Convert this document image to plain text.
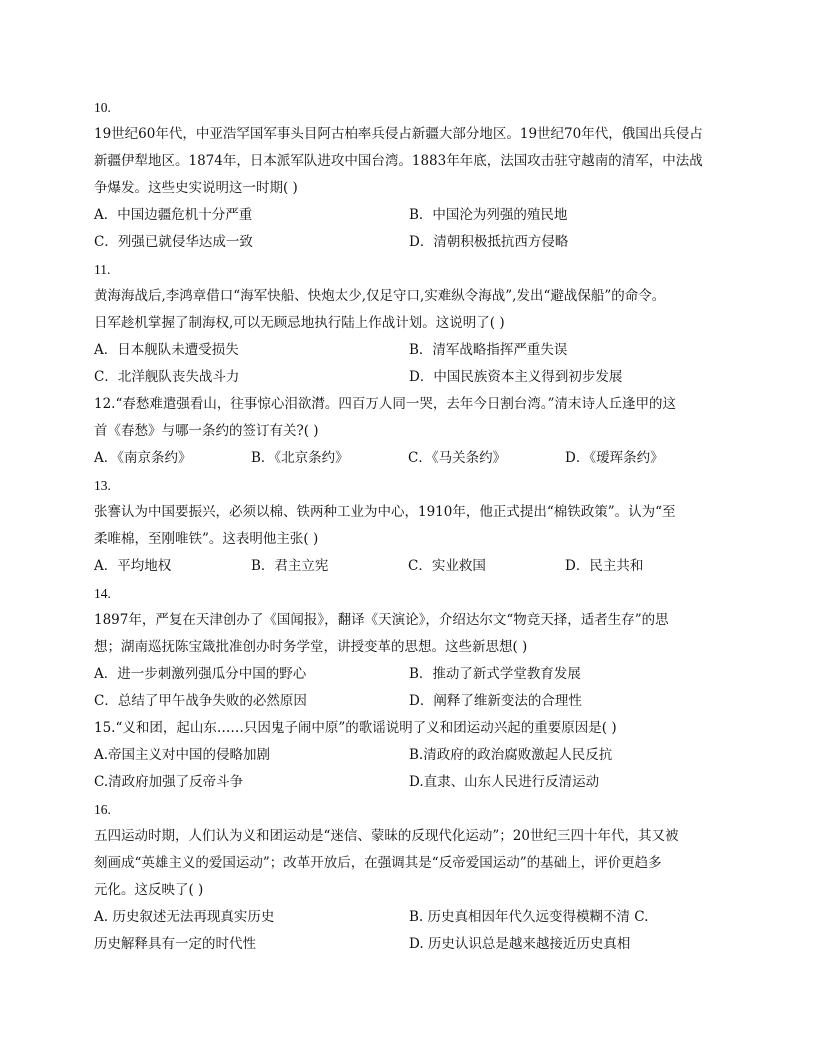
10.
19世纪60年代，中亚浩罕国军事头目阿古柏率兵侵占新疆大部分地区。19世纪70年代，俄国出兵侵占
新疆伊犁地区。1874年，日本派军队进攻中国台湾。1883年年底，法国攻击驻守越南的清军，中法战
争爆发。这些史实说明这一时期( )
A．中国边疆危机十分严重	B．中国沦为列强的殖民地
C．列强已就侵华达成一致	D．清朝积极抵抗西方侵略
11.
黄海海战后,李鸿章借口“海军快船、快炮太少,仅足守口,实难纵令海战”,发出“避战保船”的命令。
日军趁机掌握了制海权,可以无顾忌地执行陆上作战计划。这说明了( )
A．日本舰队未遭受损失	B．清军战略指挥严重失误
C．北洋舰队丧失战斗力	D．中国民族资本主义得到初步发展
12.“春愁难遣强看山，往事惊心泪欲潸。四百万人同一哭，去年今日割台湾。”清末诗人丘逢甲的这
首《春愁》与哪一条约的签订有关?( )
A．《南京条约》	B．《北京条约》	C．《马关条约》	D．《瑷珲条约》
13.
张謇认为中国要振兴，必须以棉、铁两种工业为中心，1910年，他正式提出“棉铁政策”。认为“至
柔唯棉，至刚唯铁”。这表明他主张( )
A．平均地权	B．君主立宪	C．实业救国	D．民主共和
14.
1897年，严复在天津创办了《国闻报》，翻译《天演论》，介绍达尔文“物竞天择，适者生存”的思
想；湖南巡抚陈宝箴批准创办时务学堂，讲授变革的思想。这些新思想( )
A．进一步刺激列强瓜分中国的野心	B．推动了新式学堂教育发展
C．总结了甲午战争失败的必然原因	D．阐释了维新变法的合理性
15.“义和团，起山东……只因鬼子闹中原”的歌谣说明了义和团运动兴起的重要原因是( )
A.帝国主义对中国的侵略加剧	B.清政府的政治腐败激起人民反抗
C.清政府加强了反帝斗争	D.直隶、山东人民进行反清运动
16.
五四运动时期，人们认为义和团运动是“迷信、蒙昧的反现代化运动”；20世纪三四十年代，其又被
刻画成“英雄主义的爱国运动”；改革开放后，在强调其是“反帝爱国运动”的基础上，评价更趋多
元化。这反映了( )
A. 历史叙述无法再现真实历史	B. 历史真相因年代久远变得模糊不清 C.
历史解释具有一定的时代性	D. 历史认识总是越来越接近历史真相
